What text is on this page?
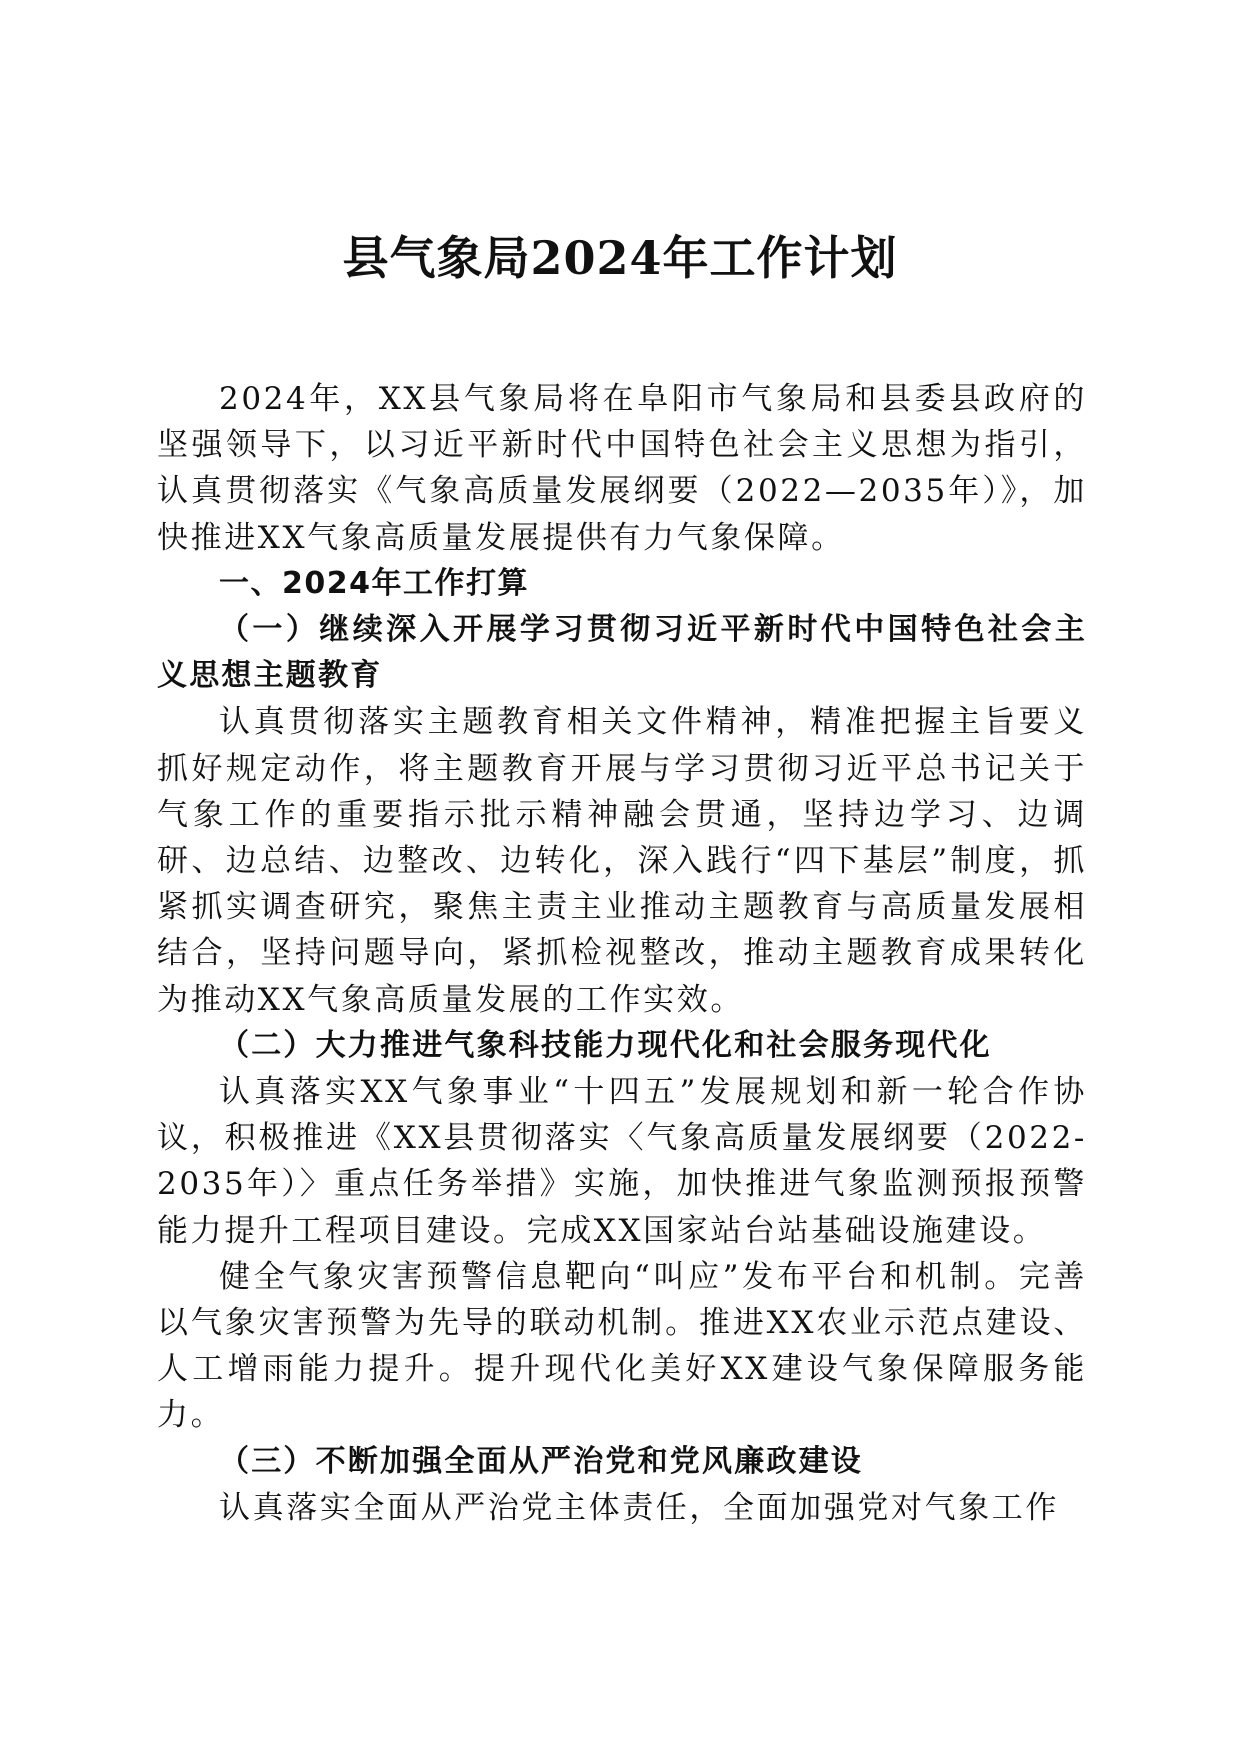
县气象局2024年工作计划

2024年，XX县气象局将在阜阳市气象局和县委县政府的坚强领导下，以习近平新时代中国特色社会主义思想为指引，认真贯彻落实《气象高质量发展纲要（2022—2035年）》，加快推进XX气象高质量发展提供有力气象保障。

一、2024年工作打算

（一）继续深入开展学习贯彻习近平新时代中国特色社会主义思想主题教育

认真贯彻落实主题教育相关文件精神，精准把握主旨要义抓好规定动作，将主题教育开展与学习贯彻习近平总书记关于气象工作的重要指示批示精神融会贯通，坚持边学习、边调研、边总结、边整改、边转化，深入践行“四下基层”制度，抓紧抓实调查研究，聚焦主责主业推动主题教育与高质量发展相结合，坚持问题导向，紧抓检视整改，推动主题教育成果转化为推动XX气象高质量发展的工作实效。

（二）大力推进气象科技能力现代化和社会服务现代化

认真落实XX气象事业“十四五”发展规划和新一轮合作协议，积极推进《XX县贯彻落实〈气象高质量发展纲要（2022-2035年）〉重点任务举措》实施，加快推进气象监测预报预警能力提升工程项目建设。完成XX国家站台站基础设施建设。

健全气象灾害预警信息靶向“叫应”发布平台和机制。完善以气象灾害预警为先导的联动机制。推进XX农业示范点建设、人工增雨能力提升。提升现代化美好XX建设气象保障服务能力。

（三）不断加强全面从严治党和党风廉政建设

认真落实全面从严治党主体责任，全面加强党对气象工作
